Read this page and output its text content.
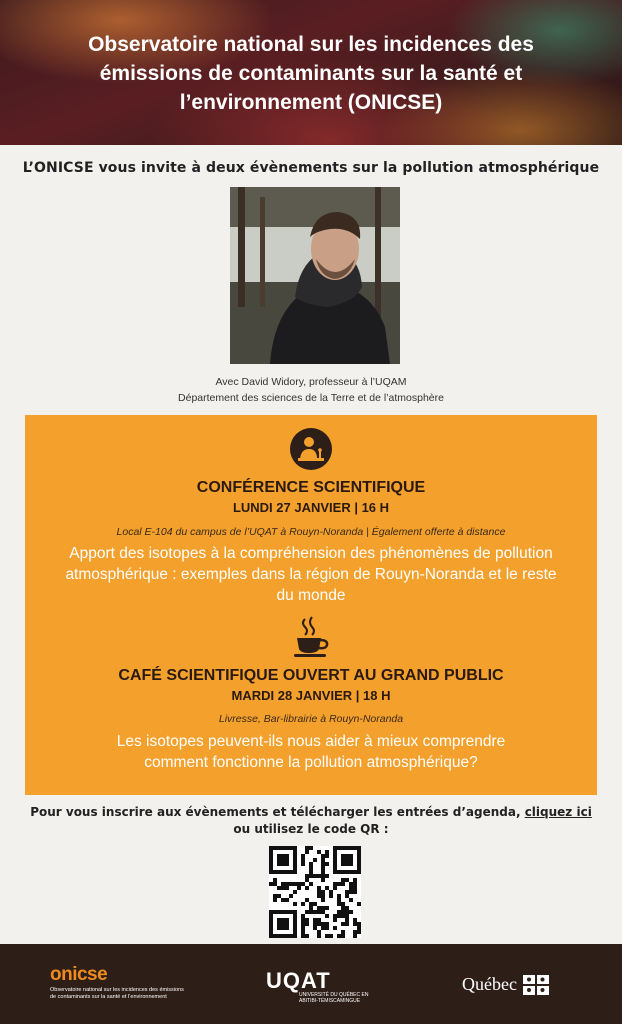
Observatoire national sur les incidences des émissions de contaminants sur la santé et l’environnement (ONICSE)
L’ONICSE vous invite à deux évènements sur la pollution atmosphérique
Avec David Widory, professeur à l’UQAM
Département des sciences de la Terre et de l’atmosphère
CONFÉRENCE SCIENTIFIQUE
LUNDI 27 JANVIER | 16 H
Local E-104 du campus de l’UQAT à Rouyn-Noranda | Également offerte à distance
Apport des isotopes à la compréhension des phénomènes de pollution atmosphérique : exemples dans la région de Rouyn-Noranda et le reste du monde
CAFÉ SCIENTIFIQUE OUVERT AU GRAND PUBLIC
MARDI 28 JANVIER | 18 H
Livresse, Bar-librairie à Rouyn-Noranda
Les isotopes peuvent-ils nous aider à mieux comprendre comment fonctionne la pollution atmosphérique?
Pour vous inscrire aux évènements et télécharger les entrées d’agenda, cliquez ici
ou utilisez le code QR :
onicse
Observatoire national sur les incidences des émissions de contaminants sur la santé et l’environnement
UQAT
UNIVERSITÉ DU QUÉBEC EN ABITIBI-TÉMISCAMINGUE
Québec
